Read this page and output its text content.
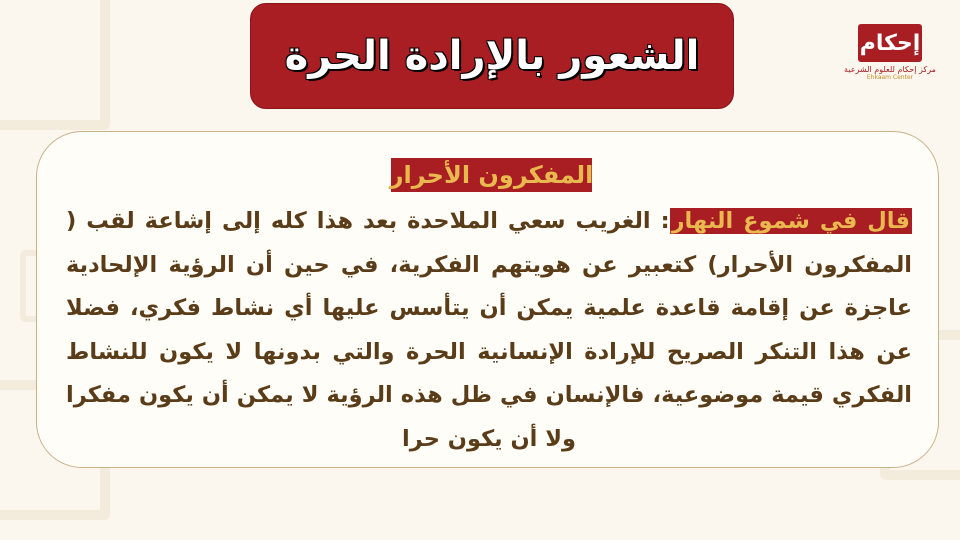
الشعور بالإرادة الحرة	إحكام
مركز إحكام للعلوم الشرعية
Ehkaam Center
المفكرون الأحرار

قال في شموع النهار: الغريب سعي الملاحدة بعد هذا كله إلى إشاعة لقب ( المفكرون الأحرار) كتعبير عن هويتهم الفكرية، في حين أن الرؤية الإلحادية عاجزة عن إقامة قاعدة علمية يمكن أن يتأسس عليها أي نشاط فكري، فضلا عن هذا التنكر الصريح للإرادة الإنسانية الحرة والتي بدونها لا يكون للنشاط الفكري قيمة موضوعية، فالإنسان في ظل هذه الرؤية لا يمكن أن يكون مفكرا ولا أن يكون حرا
